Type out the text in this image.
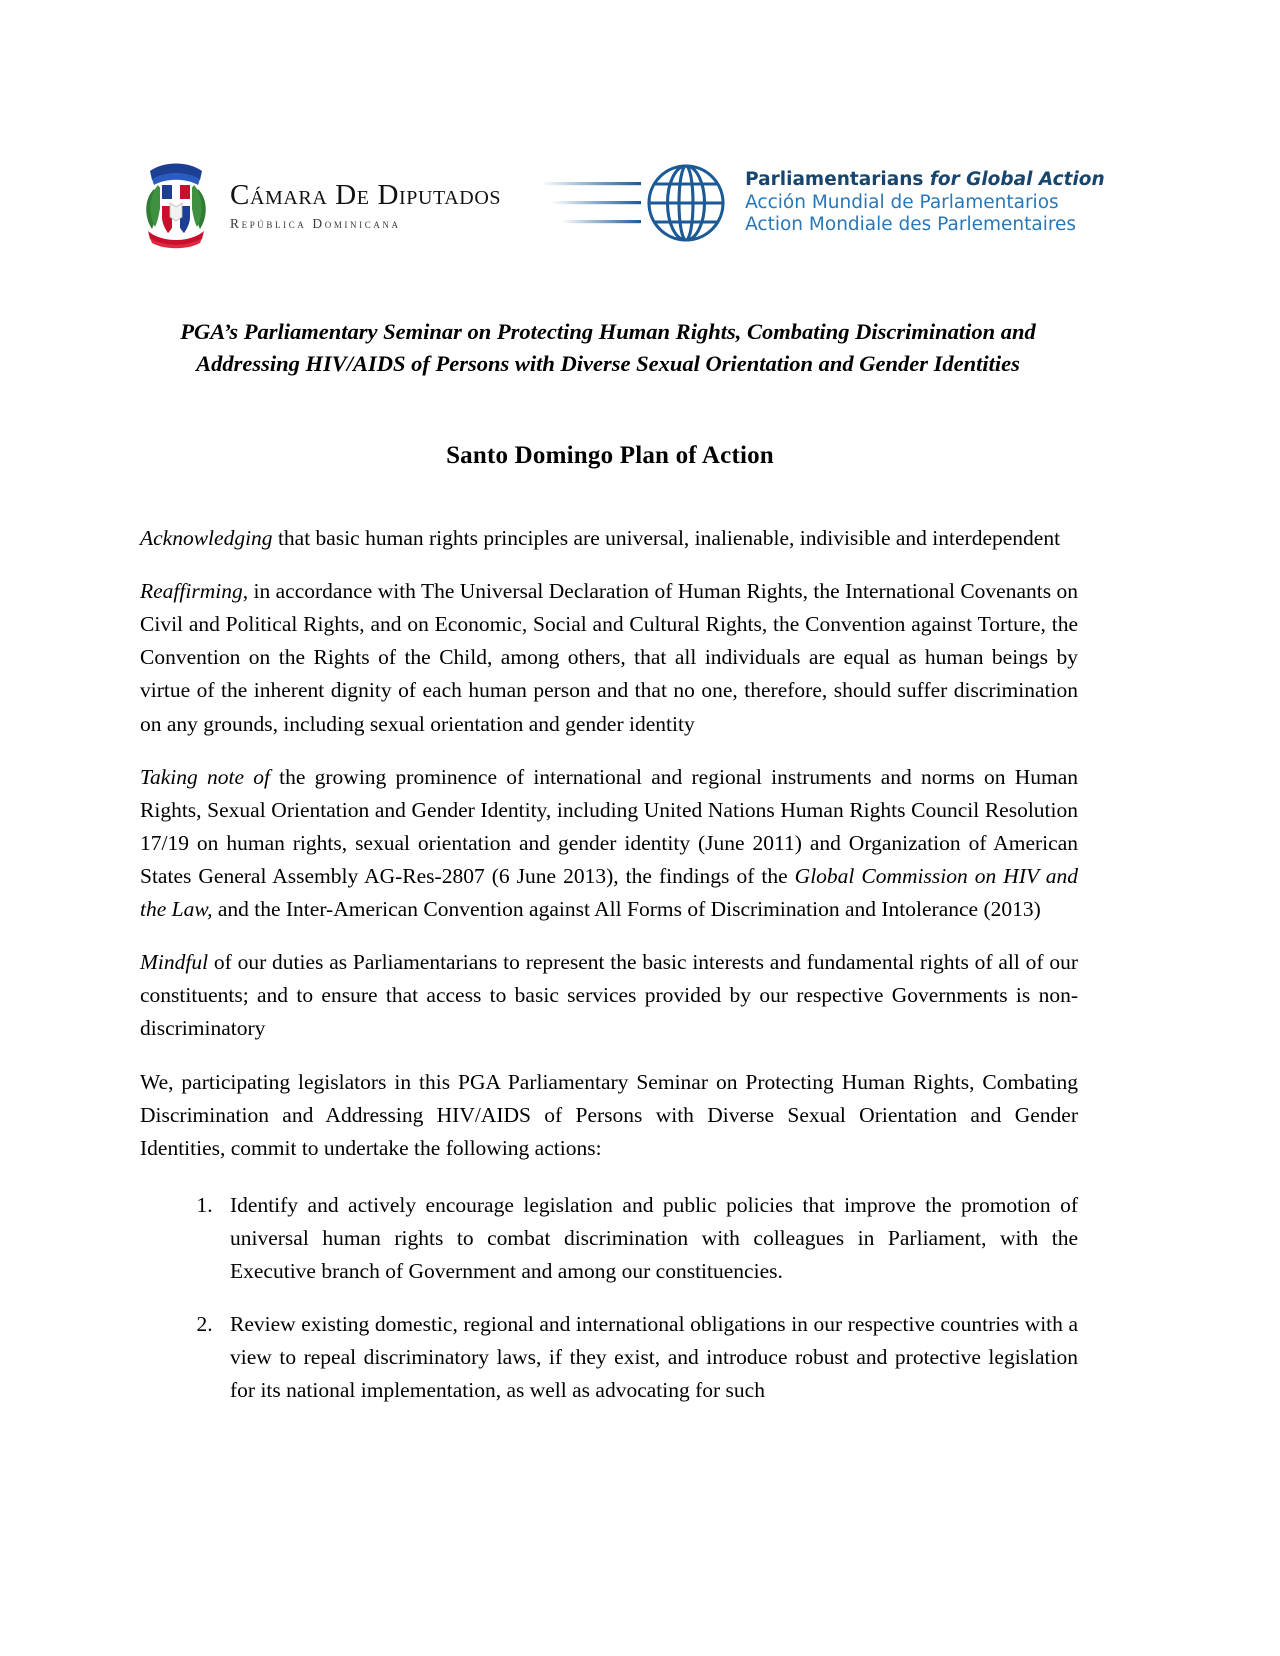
Cámara De Diputados
República Dominicana
Parliamentarians for Global Action
Acción Mundial de Parlamentarios
Action Mondiale des Parlementaires
PGA’s Parliamentary Seminar on Protecting Human Rights, Combating Discrimination and
Addressing HIV/AIDS of Persons with Diverse Sexual Orientation and Gender Identities
Santo Domingo Plan of Action

Acknowledging that basic human rights principles are universal, inalienable, indivisible and interdependent

Reaffirming, in accordance with The Universal Declaration of Human Rights, the International Covenants on Civil and Political Rights, and on Economic, Social and Cultural Rights, the Convention against Torture, the Convention on the Rights of the Child, among others, that all individuals are equal as human beings by virtue of the inherent dignity of each human person and that no one, therefore, should suffer discrimination on any grounds, including sexual orientation and gender identity

Taking note of the growing prominence of international and regional instruments and norms on Human Rights, Sexual Orientation and Gender Identity, including United Nations Human Rights Council Resolution 17/19 on human rights, sexual orientation and gender identity (June 2011) and Organization of American States General Assembly AG-Res-2807 (6 June 2013), the findings of the Global Commission on HIV and the Law, and the Inter-American Convention against All Forms of Discrimination and Intolerance (2013)

Mindful of our duties as Parliamentarians to represent the basic interests and fundamental rights of all of our constituents; and to ensure that access to basic services provided by our respective Governments is non-discriminatory

We, participating legislators in this PGA Parliamentary Seminar on Protecting Human Rights, Combating Discrimination and Addressing HIV/AIDS of Persons with Diverse Sexual Orientation and Gender Identities, commit to undertake the following actions:

1. Identify and actively encourage legislation and public policies that improve the promotion of universal human rights to combat discrimination with colleagues in Parliament, with the Executive branch of Government and among our constituencies.
2. Review existing domestic, regional and international obligations in our respective countries with a view to repeal discriminatory laws, if they exist, and introduce robust and protective legislation for its national implementation, as well as advocating for such
